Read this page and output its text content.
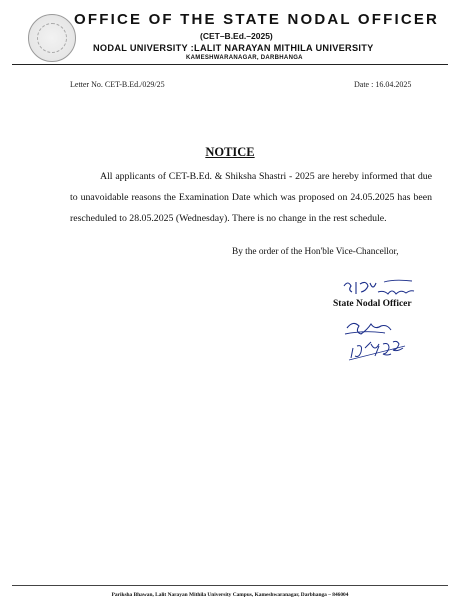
OFFICE OF THE STATE NODAL OFFICER
(CET–B.Ed.–2025)
NODAL UNIVERSITY :LALIT NARAYAN MITHILA UNIVERSITY
KAMESHWARANAGAR, DARBHANGA
Letter No. CET-B.Ed./029/25	Date : 16.04.2025
NOTICE
All applicants of CET-B.Ed. & Shiksha Shastri - 2025 are hereby informed that due to unavoidable reasons the Examination Date which was proposed on 24.05.2025 has been rescheduled to 28.05.2025 (Wednesday). There is no change in the rest schedule.
By the order of the Hon'ble Vice-Chancellor,
State Nodal Officer
Pariksha Bhawan, Lalit Narayan Mithila University Campus, Kameshwaranagar, Darbhanga – 846004
